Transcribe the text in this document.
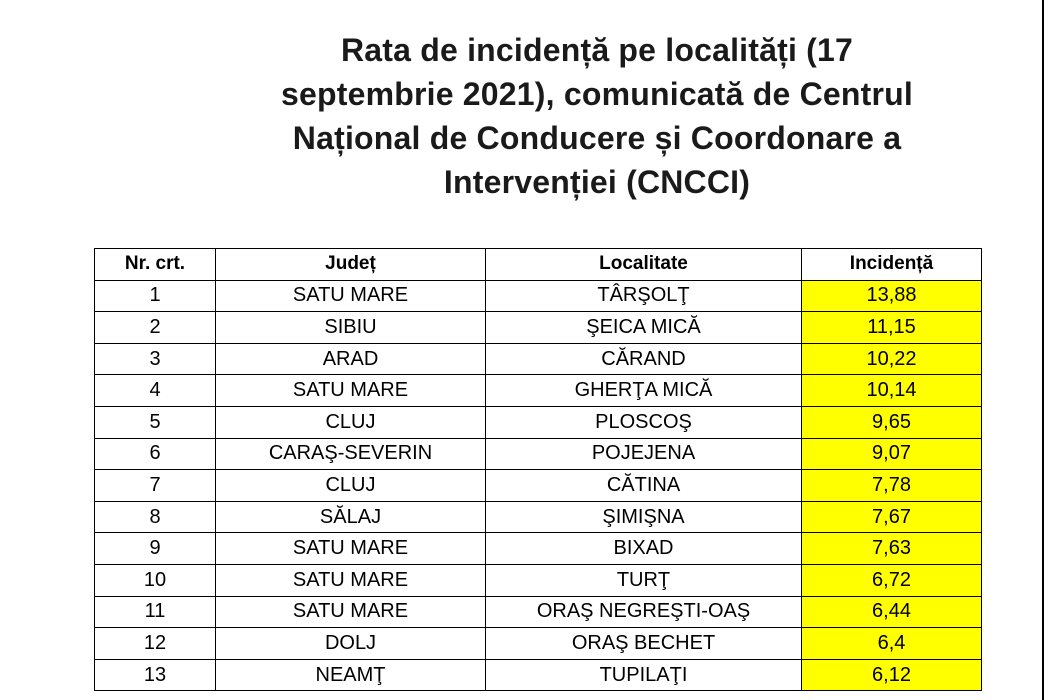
Rata de incidență pe localități (17
septembrie 2021), comunicată de Centrul
Național de Conducere și Coordonare a
Intervenției (CNCCI)
Nr. crt.	Județ	Localitate	Incidență
1	SATU MARE	TÂRŞOLŢ	13,88
2	SIBIU	ŞEICA MICĂ	11,15
3	ARAD	CĂRAND	10,22
4	SATU MARE	GHERŢA MICĂ	10,14
5	CLUJ	PLOSCOŞ	9,65
6	CARAŞ-SEVERIN	POJEJENA	9,07
7	CLUJ	CĂTINA	7,78
8	SĂLAJ	ŞIMIŞNA	7,67
9	SATU MARE	BIXAD	7,63
10	SATU MARE	TURŢ	6,72
11	SATU MARE	ORAŞ NEGREŞTI-OAŞ	6,44
12	DOLJ	ORAŞ BECHET	6,4
13	NEAMŢ	TUPILAŢI	6,12
